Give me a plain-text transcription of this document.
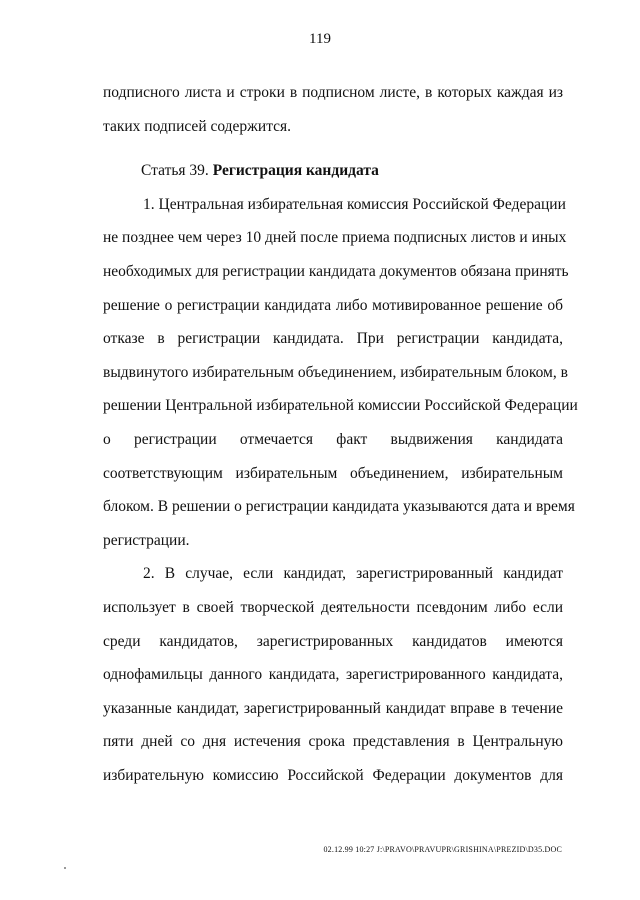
119
подписного листа и строки в подписном листе, в которых каждая из
таких подписей содержится.
Статья 39. Регистрация кандидата
1. Центральная избирательная комиссия Российской Федерации
не позднее чем через 10 дней после приема подписных листов и иных
необходимых для регистрации кандидата документов обязана принять
решение о регистрации кандидата либо мотивированное решение об
отказе в регистрации кандидата. При регистрации кандидата,
выдвинутого избирательным объединением, избирательным блоком, в
решении Центральной избирательной комиссии Российской Федерации
о регистрации отмечается факт выдвижения кандидата
соответствующим избирательным объединением, избирательным
блоком. В решении о регистрации кандидата указываются дата и время
регистрации.
2. В случае, если кандидат, зарегистрированный кандидат
использует в своей творческой деятельности псевдоним либо если
среди кандидатов, зарегистрированных кандидатов имеются
однофамильцы данного кандидата, зарегистрированного кандидата,
указанные кандидат, зарегистрированный кандидат вправе в течение
пяти дней со дня истечения срока представления в Центральную
избирательную комиссию Российской Федерации документов для
02.12.99 10:27 J:\PRAVO\PRAVUPR\GRISHINA\PREZID\D35.DOC
